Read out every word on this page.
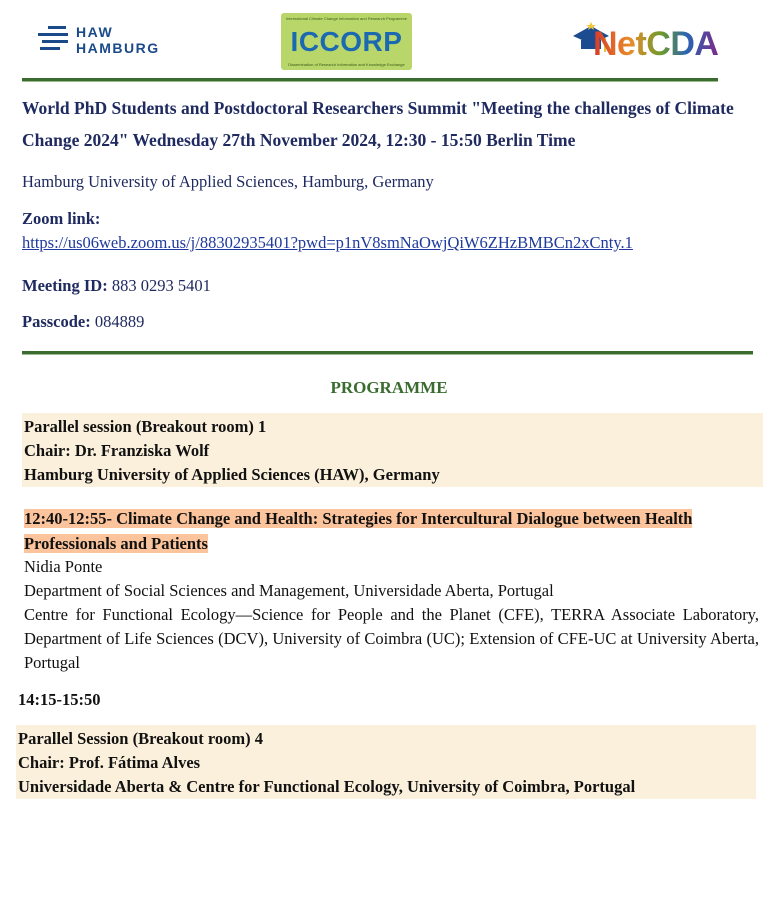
HAW
HAMBURG
International Climate Change Information and Research Programme
ICCORP
Dissemination of Research Information and Knowledge Exchange
NetCDA
World PhD Students and Postdoctoral Researchers Summit "Meeting the challenges of Climate Change 2024" Wednesday 27th November 2024, 12:30 - 15:50 Berlin Time
Hamburg University of Applied Sciences, Hamburg, Germany
Zoom link:
https://us06web.zoom.us/j/88302935401?pwd=p1nV8smNaOwjQiW6ZHzBMBCn2xCnty.1
Meeting ID: 883 0293 5401
Passcode: 084889
PROGRAMME
Parallel session (Breakout room) 1
Chair: Dr. Franziska Wolf
Hamburg University of Applied Sciences (HAW), Germany
12:40-12:55- Climate Change and Health: Strategies for Intercultural Dialogue between Health Professionals and Patients
Nidia Ponte
Department of Social Sciences and Management, Universidade Aberta, Portugal
Centre for Functional Ecology—Science for People and the Planet (CFE), TERRA Associate Laboratory, Department of Life Sciences (DCV), University of Coimbra (UC); Extension of CFE-UC at University Aberta, Portugal
14:15-15:50
Parallel Session (Breakout room) 4
Chair: Prof. Fátima Alves
Universidade Aberta & Centre for Functional Ecology, University of Coimbra, Portugal
